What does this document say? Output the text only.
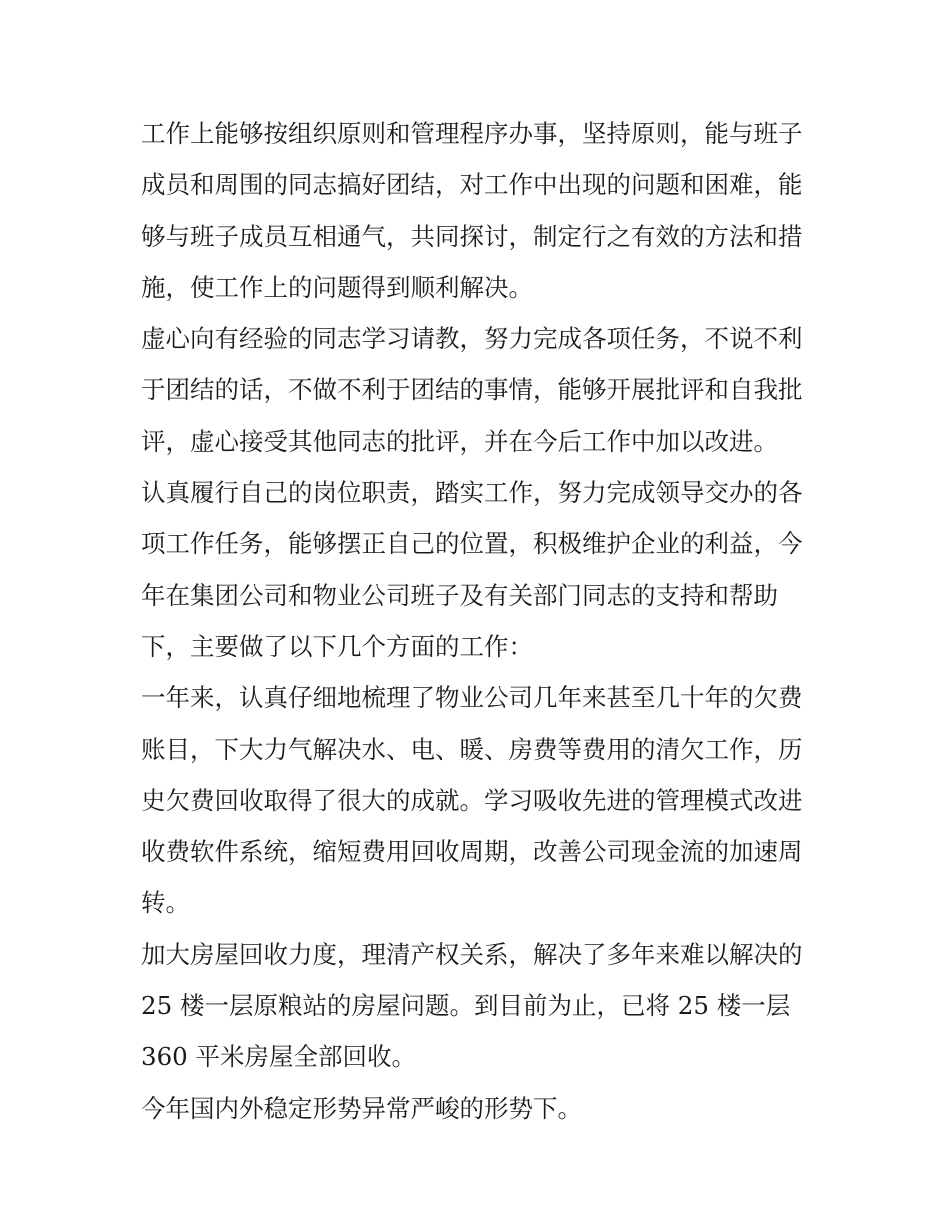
工作上能够按组织原则和管理程序办事，坚持原则，能与班子
成员和周围的同志搞好团结，对工作中出现的问题和困难，能
够与班子成员互相通气，共同探讨，制定行之有效的方法和措
施，使工作上的问题得到顺利解决。
虚心向有经验的同志学习请教，努力完成各项任务，不说不利
于团结的话，不做不利于团结的事情，能够开展批评和自我批
评，虚心接受其他同志的批评，并在今后工作中加以改进。
认真履行自己的岗位职责，踏实工作，努力完成领导交办的各
项工作任务，能够摆正自己的位置，积极维护企业的利益，今
年在集团公司和物业公司班子及有关部门同志的支持和帮助
下，主要做了以下几个方面的工作：
一年来，认真仔细地梳理了物业公司几年来甚至几十年的欠费
账目，下大力气解决水、电、暖、房费等费用的清欠工作，历
史欠费回收取得了很大的成就。学习吸收先进的管理模式改进
收费软件系统，缩短费用回收周期，改善公司现金流的加速周
转。
加大房屋回收力度，理清产权关系，解决了多年来难以解决的
25 楼一层原粮站的房屋问题。到目前为止，已将 25 楼一层
360 平米房屋全部回收。
今年国内外稳定形势异常严峻的形势下。
